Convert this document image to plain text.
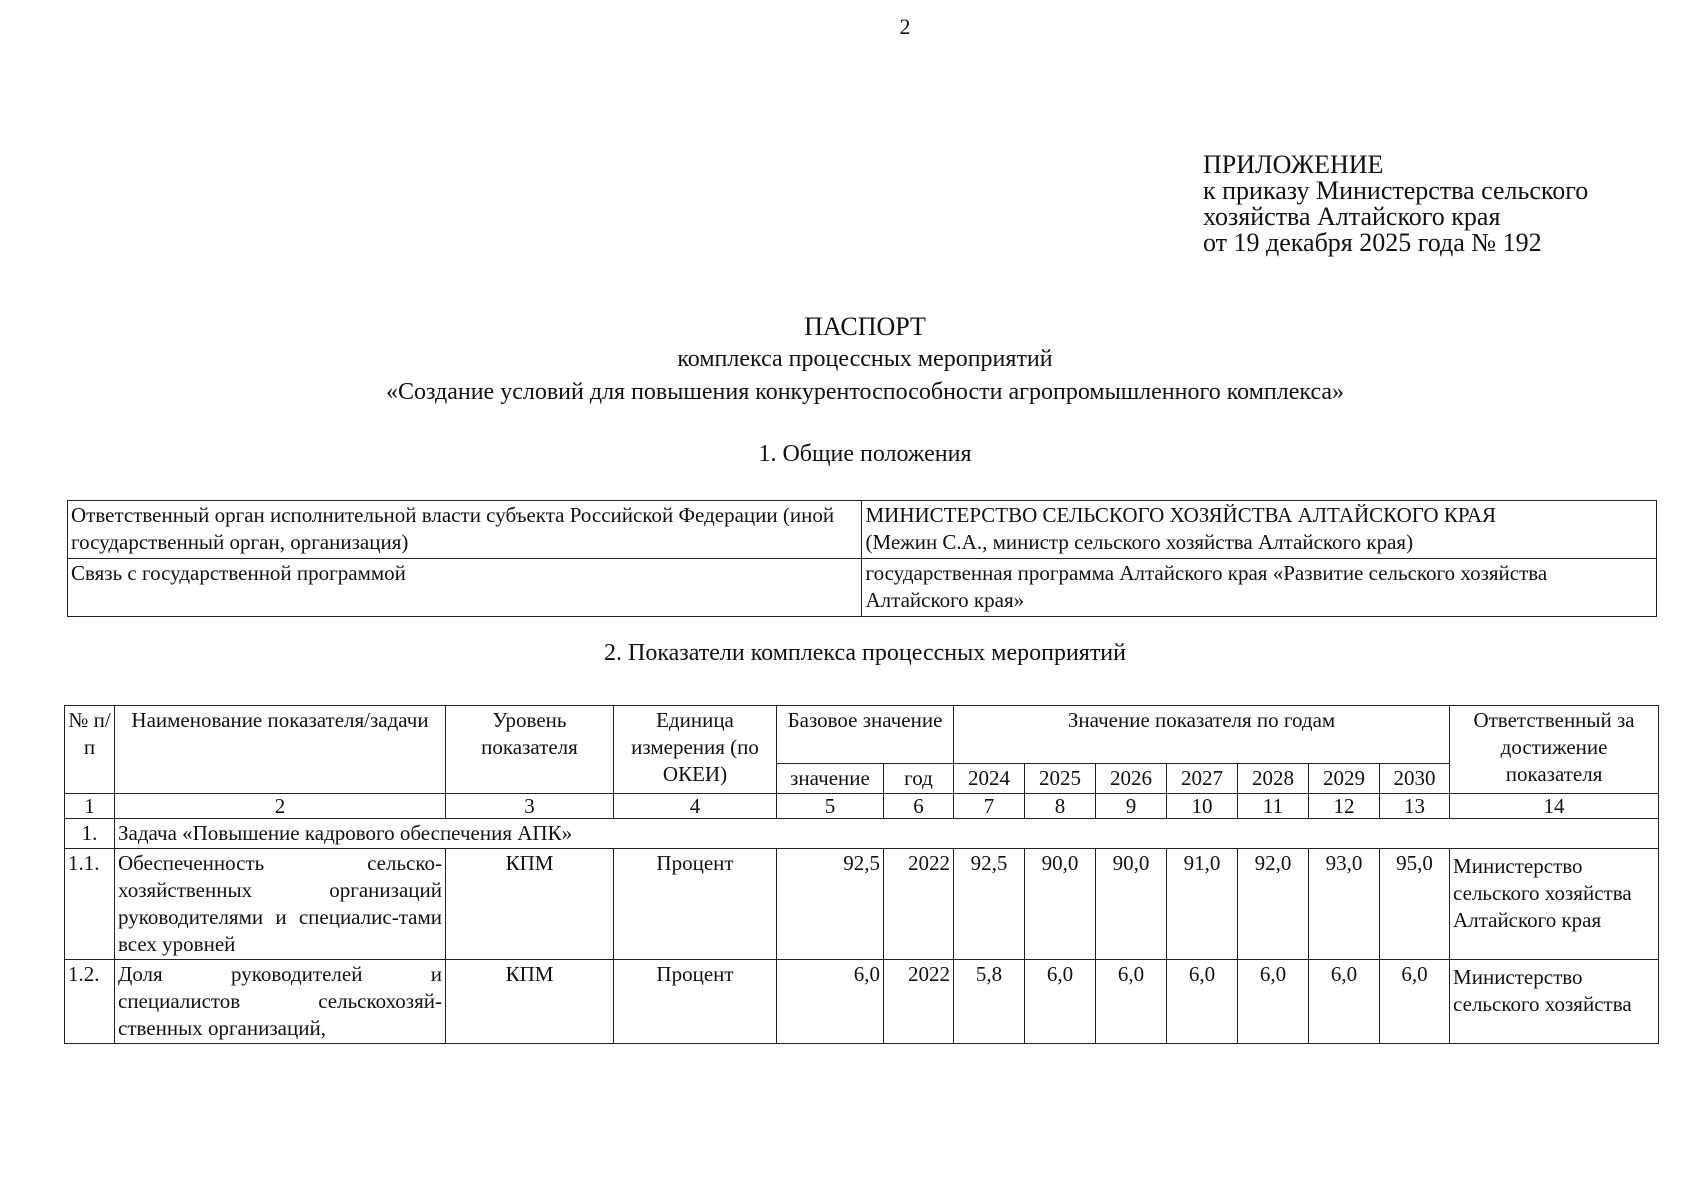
2
ПРИЛОЖЕНИЕ
к приказу Министерства сельского
хозяйства Алтайского края
от 19 декабря 2025 года № 192
ПАСПОРТ
комплекса процессных мероприятий
«Создание условий для повышения конкурентоспособности агропромышленного комплекса»
1. Общие положения
Ответственный орган исполнительной власти субъекта Российской Федерации (иной государственный орган, организация)	МИНИСТЕРСТВО СЕЛЬСКОГО ХОЗЯЙСТВА АЛТАЙСКОГО КРАЯ
(Межин С.А., министр сельского хозяйства Алтайского края)

Связь с государственной программой	государственная программа Алтайского края «Развитие сельского хозяйства Алтайского края»
2. Показатели комплекса процессных мероприятий
№ п/п	Наименование показателя/задачи	Уровень показателя	Единица измерения (по ОКЕИ)	Базовое значение		Значение показателя по годам							Ответственный за достижение показателя
				значение	год	2024	2025	2026	2027	2028	2029	2030	
1	2	3	4	5	6	7	8	9	10	11	12	13	14
1.	Задача «Повышение кадрового обеспечения АПК»												
1.1.	Обеспеченность сельско-хозяйственных организаций руководителями и специалис-тами всех уровней	КПМ	Процент	92,5	2022	92,5	90,0	90,0	91,0	92,0	93,0	95,0	Министерство сельского хозяйства Алтайского края
1.2.	Доля руководителей и специалистов сельскохозяй-ственных организаций,	КПМ	Процент	6,0	2022	5,8	6,0	6,0	6,0	6,0	6,0	6,0	Министерство сельского хозяйства
